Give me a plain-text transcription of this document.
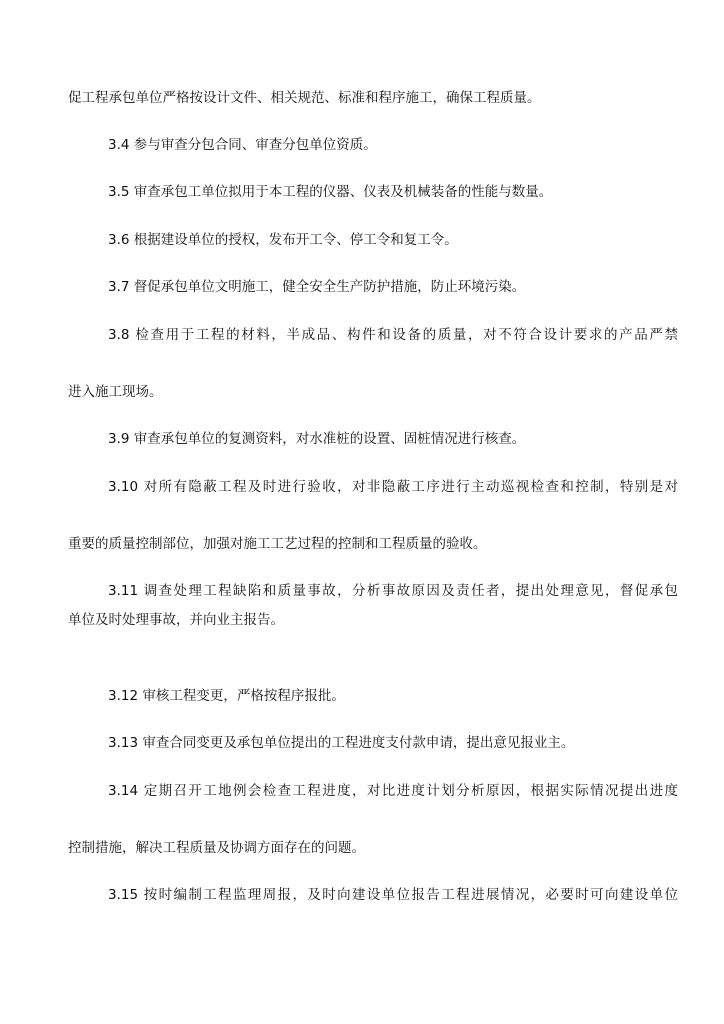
促工程承包单位严格按设计文件、相关规范、标准和程序施工，确保工程质量。
3.4 参与审查分包合同、审查分包单位资质。
3.5 审查承包工单位拟用于本工程的仪器、仪表及机械装备的性能与数量。
3.6 根据建设单位的授权，发布开工令、停工令和复工令。
3.7 督促承包单位文明施工，健全安全生产防护措施，防止环境污染。
3.8 检查用于工程的材料，半成品、构件和设备的质量，对不符合设计要求的产品严禁
进入施工现场。
3.9 审查承包单位的复测资料，对水准桩的设置、固桩情况进行核查。
3.10 对所有隐蔽工程及时进行验收，对非隐蔽工序进行主动巡视检查和控制，特别是对
重要的质量控制部位，加强对施工工艺过程的控制和工程质量的验收。
3.11 调查处理工程缺陷和质量事故，分析事故原因及责任者，提出处理意见，督促承包
单位及时处理事故，并向业主报告。
3.12 审核工程变更，严格按程序报批。
3.13 审查合同变更及承包单位提出的工程进度支付款申请，提出意见报业主。
3.14 定期召开工地例会检查工程进度，对比进度计划分析原因，根据实际情况提出进度
控制措施，解决工程质量及协调方面存在的问题。
3.15 按时编制工程监理周报，及时向建设单位报告工程进展情况，必要时可向建设单位
